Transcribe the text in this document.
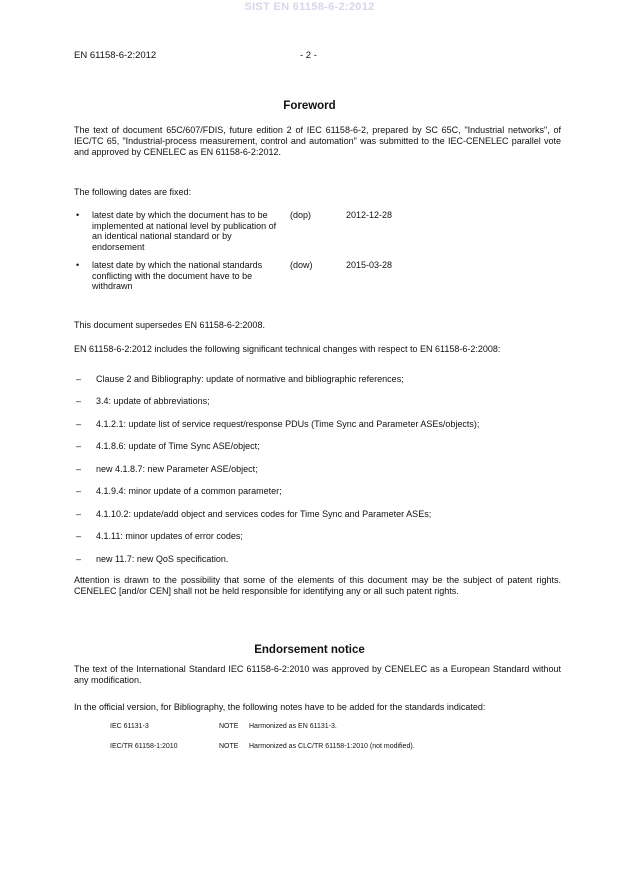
SIST EN 61158-6-2:2012
EN 61158-6-2:2012	- 2 -
Foreword
The text of document 65C/607/FDIS, future edition 2 of IEC 61158-6-2, prepared by SC 65C, "Industrial networks", of IEC/TC 65, "Industrial-process measurement, control and automation" was submitted to the IEC-CENELEC parallel vote and approved by CENELEC as EN 61158-6-2:2012.
The following dates are fixed:
• latest date by which the document has to be implemented at national level by publication of an identical national standard or by endorsement
(dop)	2012-12-28
• latest date by which the national standards conflicting with the document have to be withdrawn
(dow)	2015-03-28
This document supersedes EN 61158-6-2:2008.
EN 61158-6-2:2012 includes the following significant technical changes with respect to EN 61158-6-2:2008:
– Clause 2 and Bibliography: update of normative and bibliographic references;
– 3.4: update of abbreviations;
– 4.1.2.1: update list of service request/response PDUs (Time Sync and Parameter ASEs/objects);
– 4.1.8.6: update of Time Sync ASE/object;
– new 4.1.8.7: new Parameter ASE/object;
– 4.1.9.4: minor update of a common parameter;
– 4.1.10.2: update/add object and services codes for Time Sync and Parameter ASEs;
– 4.1.11: minor updates of error codes;
– new 11.7: new QoS specification.
Attention is drawn to the possibility that some of the elements of this document may be the subject of patent rights. CENELEC [and/or CEN] shall not be held responsible for identifying any or all such patent rights.
Endorsement notice
The text of the International Standard IEC 61158-6-2:2010 was approved by CENELEC as a European Standard without any modification.
In the official version, for Bibliography, the following notes have to be added for the standards indicated:
IEC 61131-3	NOTE Harmonized as EN 61131-3.
IEC/TR 61158-1:2010	NOTE Harmonized as CLC/TR 61158-1:2010 (not modified).
